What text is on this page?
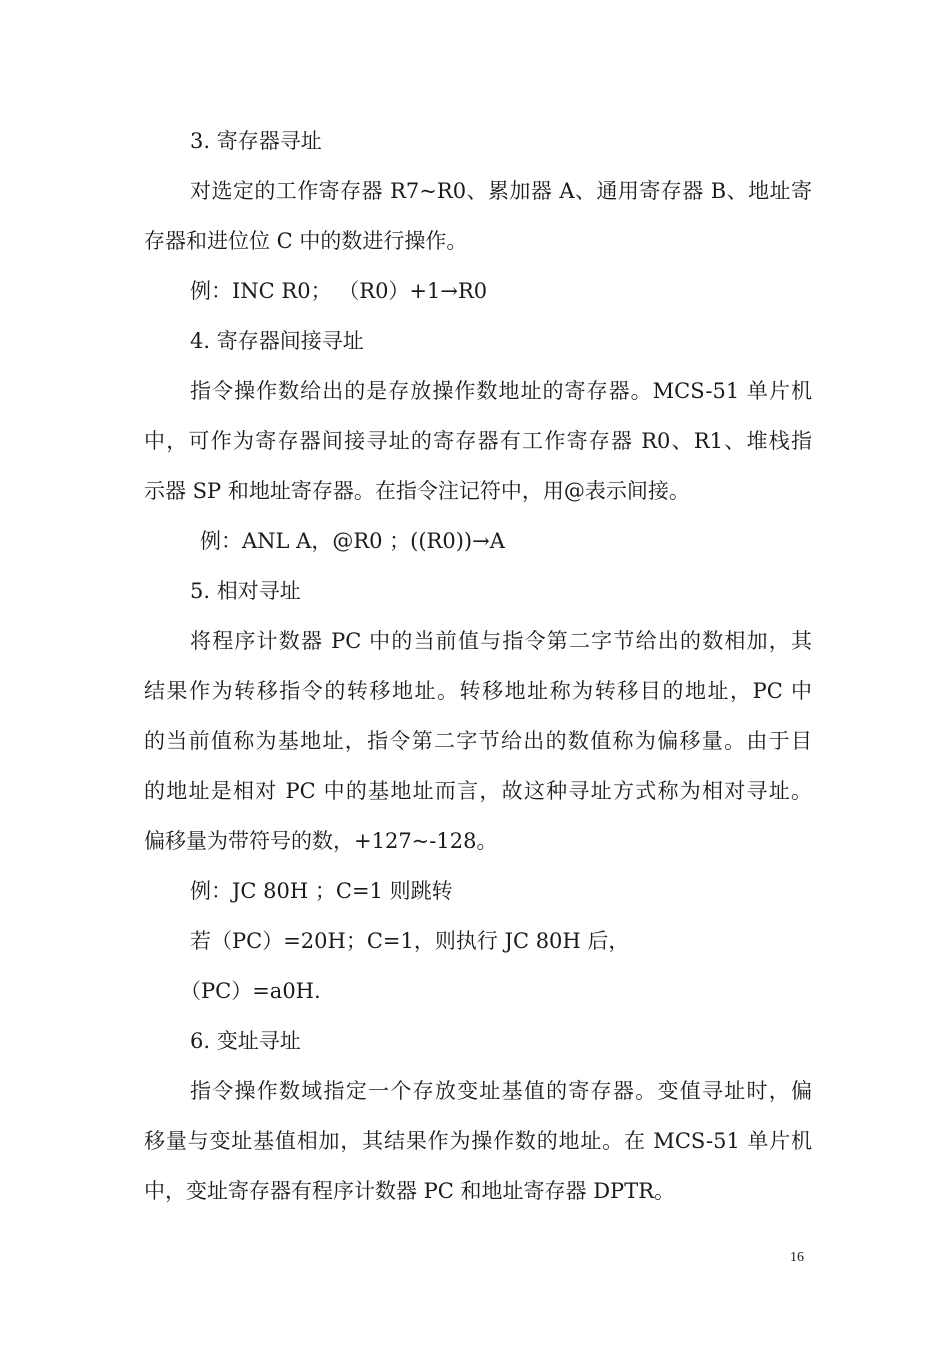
3. 寄存器寻址
对选定的工作寄存器 R7~R0、累加器 A、通用寄存器 B、地址寄
存器和进位位 C 中的数进行操作。
例：INC R0； （R0）+1→R0
4. 寄存器间接寻址
指令操作数给出的是存放操作数地址的寄存器。MCS-51 单片机
中，可作为寄存器间接寻址的寄存器有工作寄存器 R0、R1、堆栈指
示器 SP 和地址寄存器。在指令注记符中，用@表示间接。
例：ANL A，@R0 ；((R0))→A
5. 相对寻址
将程序计数器 PC 中的当前值与指令第二字节给出的数相加，其
结果作为转移指令的转移地址。转移地址称为转移目的地址，PC 中
的当前值称为基地址，指令第二字节给出的数值称为偏移量。由于目
的地址是相对 PC 中的基地址而言，故这种寻址方式称为相对寻址。
偏移量为带符号的数，+127~-128。
例：JC 80H ；C=1 则跳转
若（PC）=20H；C=1，则执行 JC 80H 后，
（PC）=a0H.
6. 变址寻址
指令操作数域指定一个存放变址基值的寄存器。变值寻址时，偏
移量与变址基值相加，其结果作为操作数的地址。在 MCS-51 单片机
中，变址寄存器有程序计数器 PC 和地址寄存器 DPTR。
16
